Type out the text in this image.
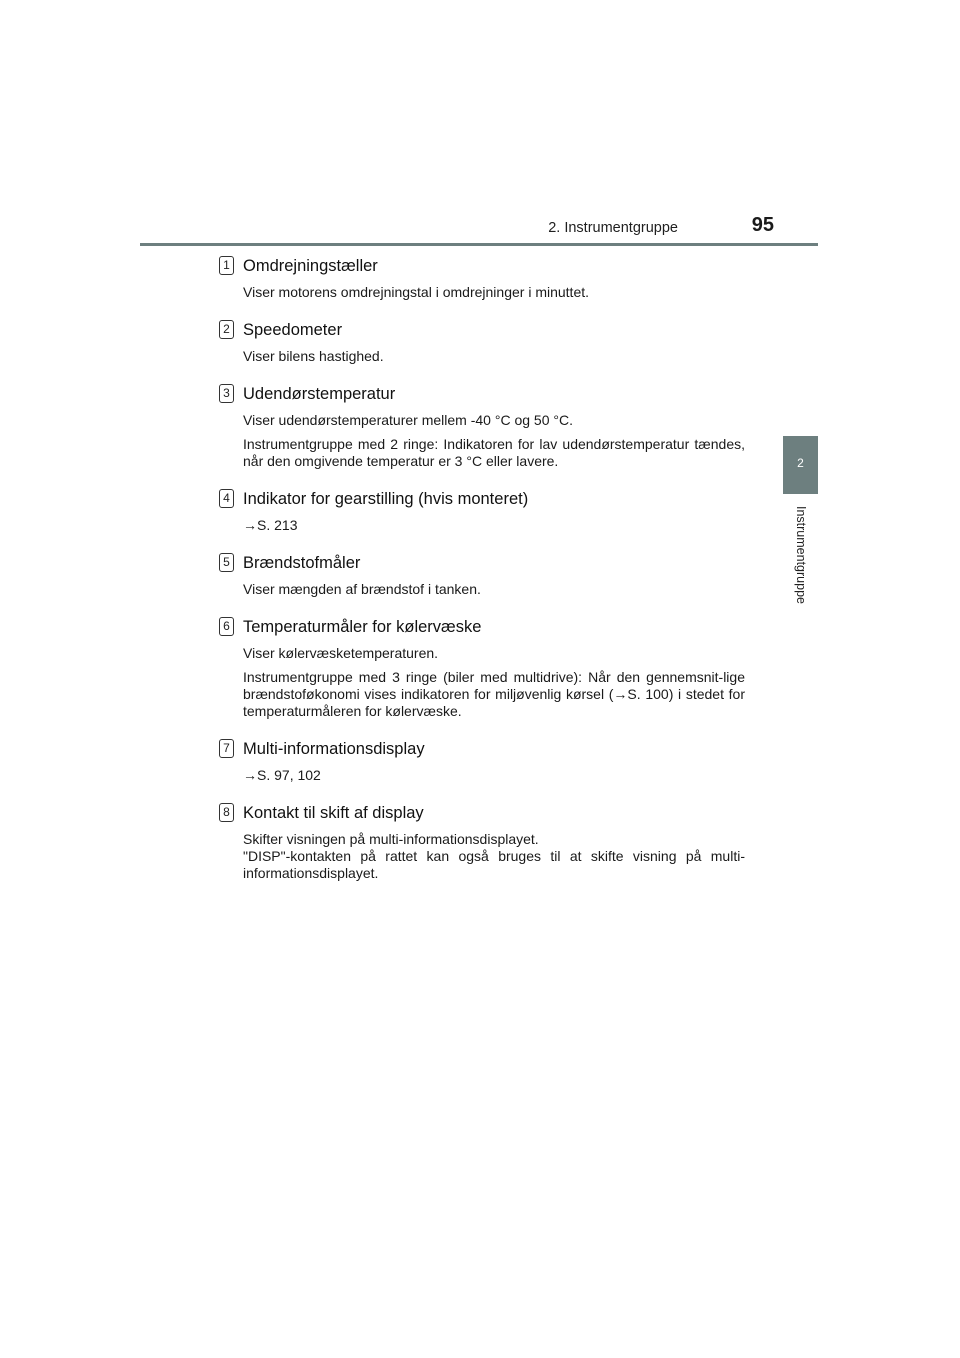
2. Instrumentgruppe	95
2
Instrumentgruppe
1 Omdrejningstæller

Viser motorens omdrejningstal i omdrejninger i minuttet.

2 Speedometer

Viser bilens hastighed.

3 Udendørstemperatur

Viser udendørstemperaturer mellem -40 °C og 50 °C.

Instrumentgruppe med 2 ringe: Indikatoren for lav udendørstemperatur tændes, når den omgivende temperatur er 3 °C eller lavere.

4 Indikator for gearstilling (hvis monteret)

→S. 213

5 Brændstofmåler

Viser mængden af brændstof i tanken.

6 Temperaturmåler for kølervæske

Viser kølervæsketemperaturen.

Instrumentgruppe med 3 ringe (biler med multidrive): Når den gennemsnit-lige brændstoføkonomi vises indikatoren for miljøvenlig kørsel (→S. 100) i stedet for temperaturmåleren for kølervæske.

7 Multi-informationsdisplay

→S. 97, 102

8 Kontakt til skift af display

Skifter visningen på multi-informationsdisplayet.
"DISP"-kontakten på rattet kan også bruges til at skifte visning på multi-informationsdisplayet.
